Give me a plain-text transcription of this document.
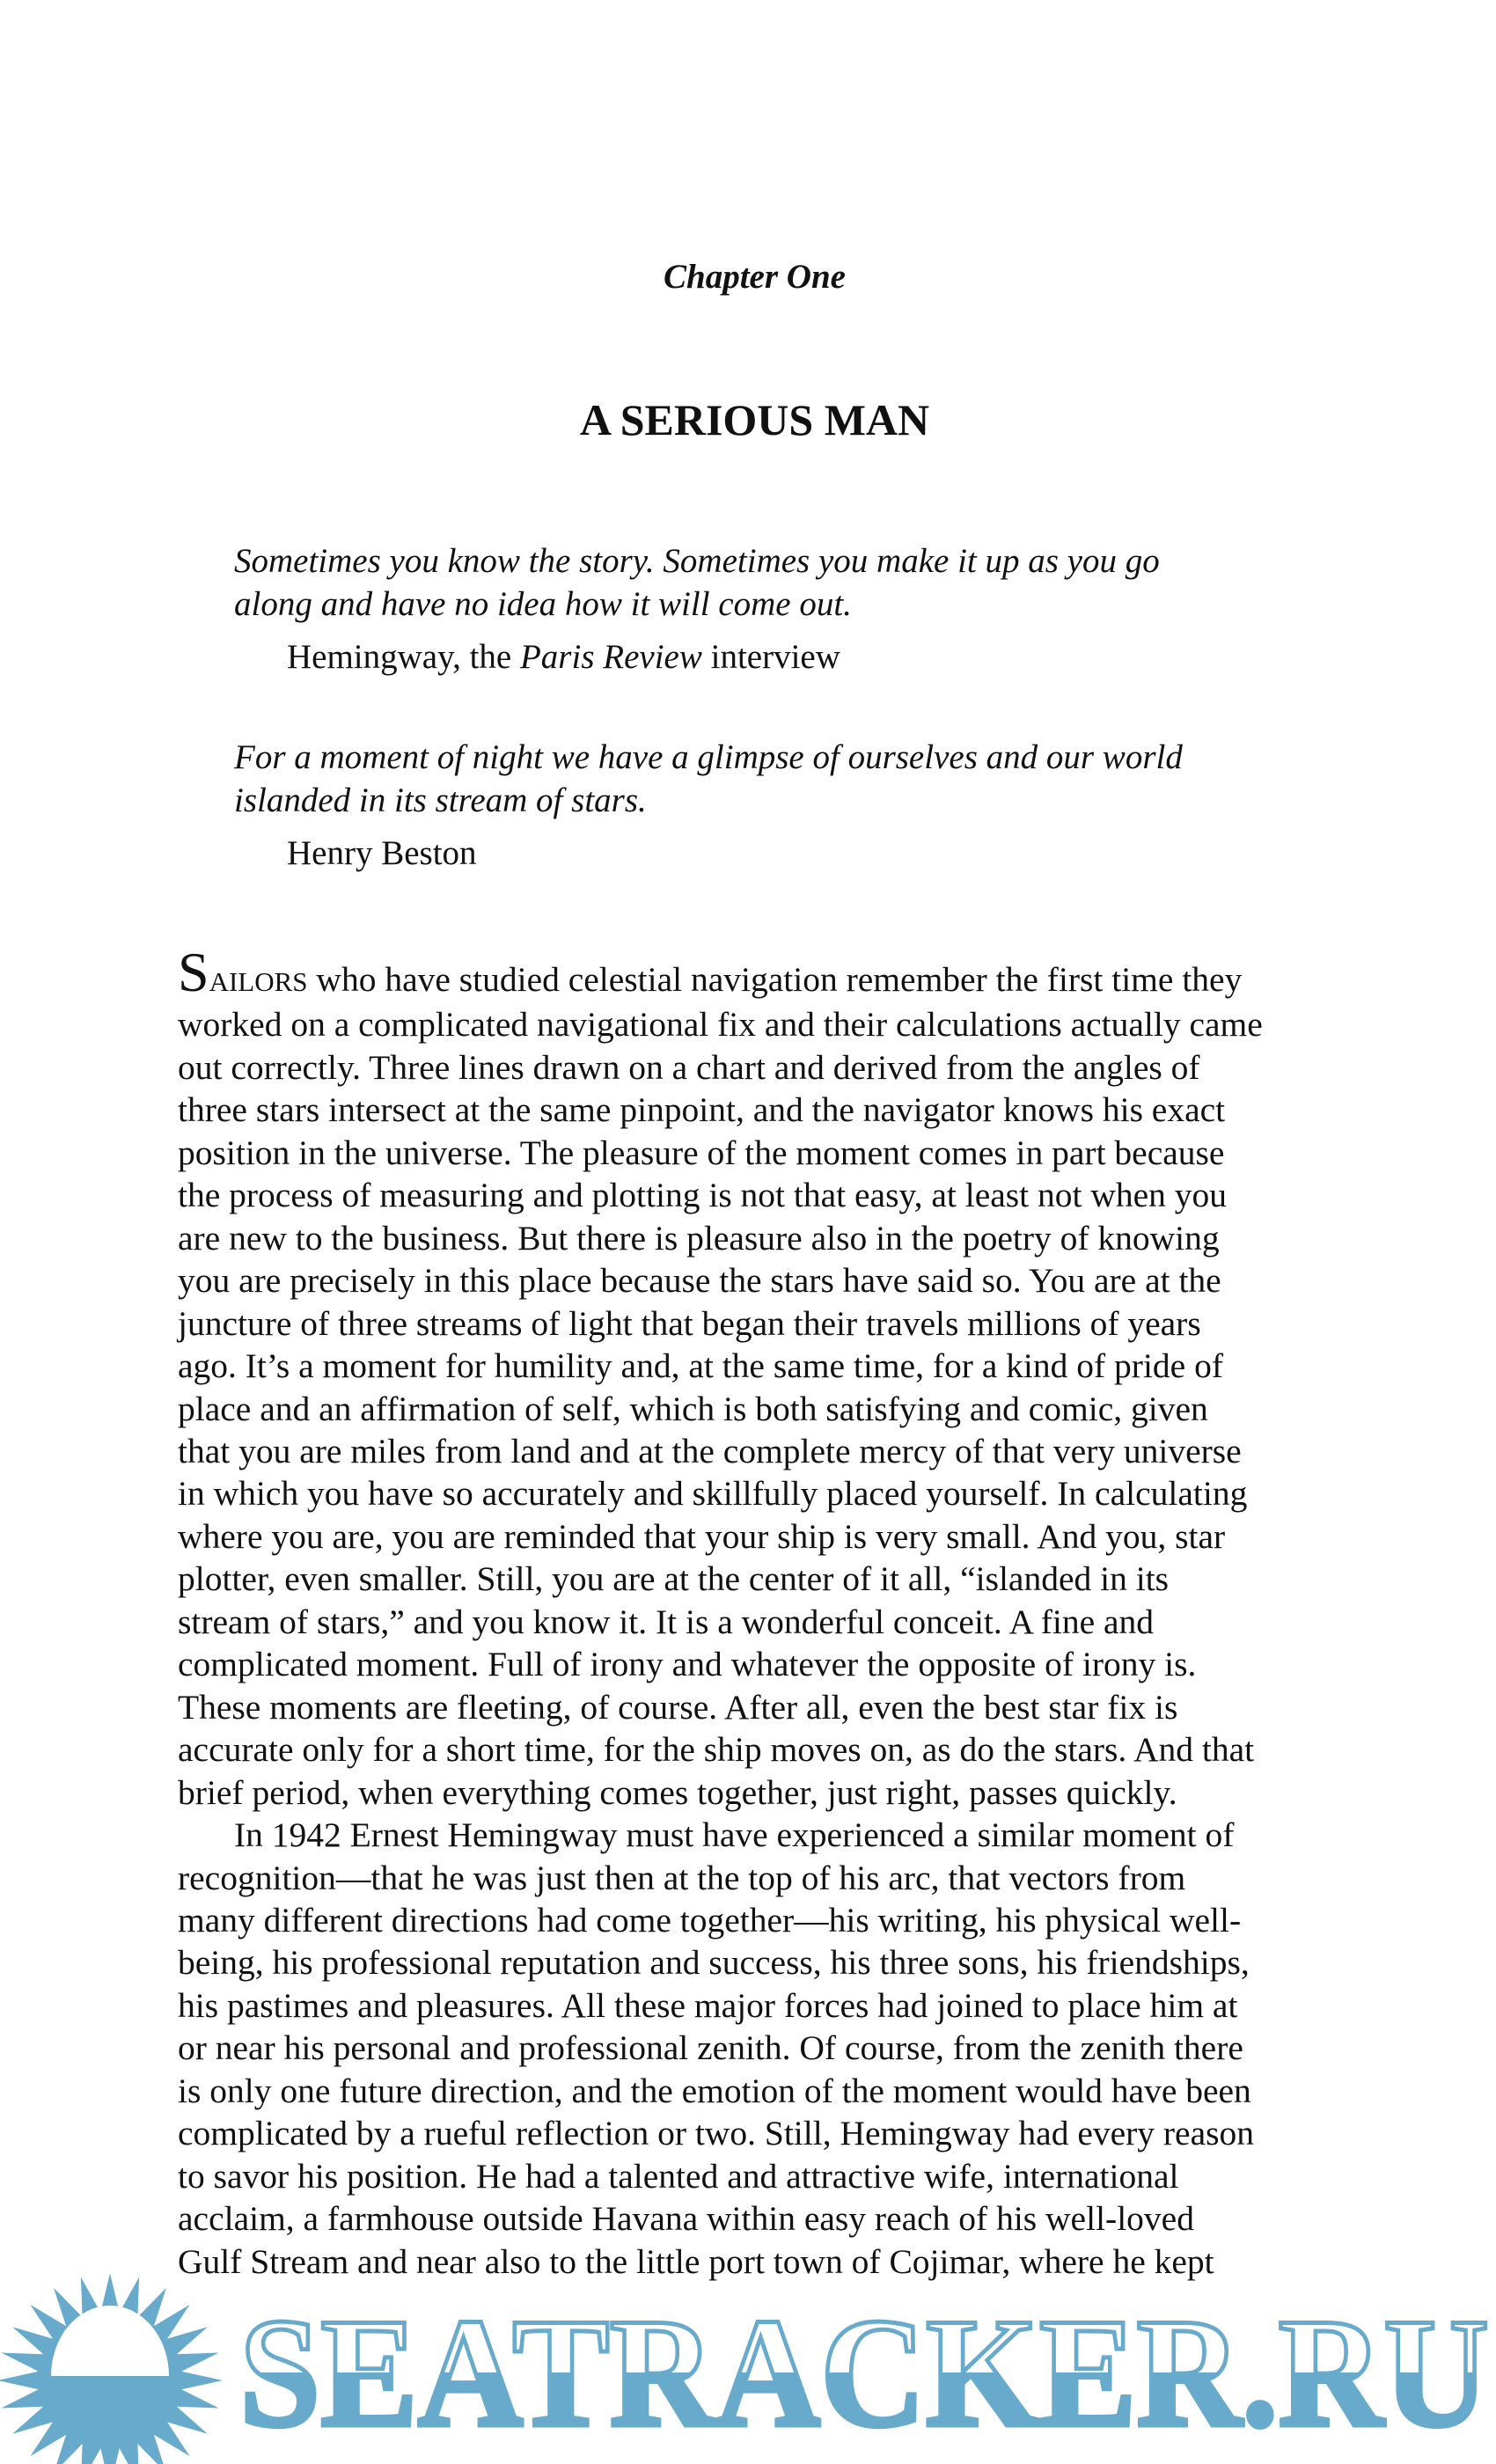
Chapter One
A SERIOUS MAN
Sometimes you know the story. Sometimes you make it up as you go
along and have no idea how it will come out.
Hemingway, the Paris Review interview
For a moment of night we have a glimpse of ourselves and our world
islanded in its stream of stars.
Henry Beston
SAILORS who have studied celestial navigation remember the first time they
worked on a complicated navigational fix and their calculations actually came
out correctly. Three lines drawn on a chart and derived from the angles of
three stars intersect at the same pinpoint, and the navigator knows his exact
position in the universe. The pleasure of the moment comes in part because
the process of measuring and plotting is not that easy, at least not when you
are new to the business. But there is pleasure also in the poetry of knowing
you are precisely in this place because the stars have said so. You are at the
juncture of three streams of light that began their travels millions of years
ago. It’s a moment for humility and, at the same time, for a kind of pride of
place and an affirmation of self, which is both satisfying and comic, given
that you are miles from land and at the complete mercy of that very universe
in which you have so accurately and skillfully placed yourself. In calculating
where you are, you are reminded that your ship is very small. And you, star
plotter, even smaller. Still, you are at the center of it all, “islanded in its
stream of stars,” and you know it. It is a wonderful conceit. A fine and
complicated moment. Full of irony and whatever the opposite of irony is.
These moments are fleeting, of course. After all, even the best star fix is
accurate only for a short time, for the ship moves on, as do the stars. And that
brief period, when everything comes together, just right, passes quickly.
In 1942 Ernest Hemingway must have experienced a similar moment of
recognition—that he was just then at the top of his arc, that vectors from
many different directions had come together—his writing, his physical well-
being, his professional reputation and success, his three sons, his friendships,
his pastimes and pleasures. All these major forces had joined to place him at
or near his personal and professional zenith. Of course, from the zenith there
is only one future direction, and the emotion of the moment would have been
complicated by a rueful reflection or two. Still, Hemingway had every reason
to savor his position. He had a talented and attractive wife, international
acclaim, a farmhouse outside Havana within easy reach of his well-loved
Gulf Stream and near also to the little port town of Cojimar, where he kept
SEATRACKER.RU
